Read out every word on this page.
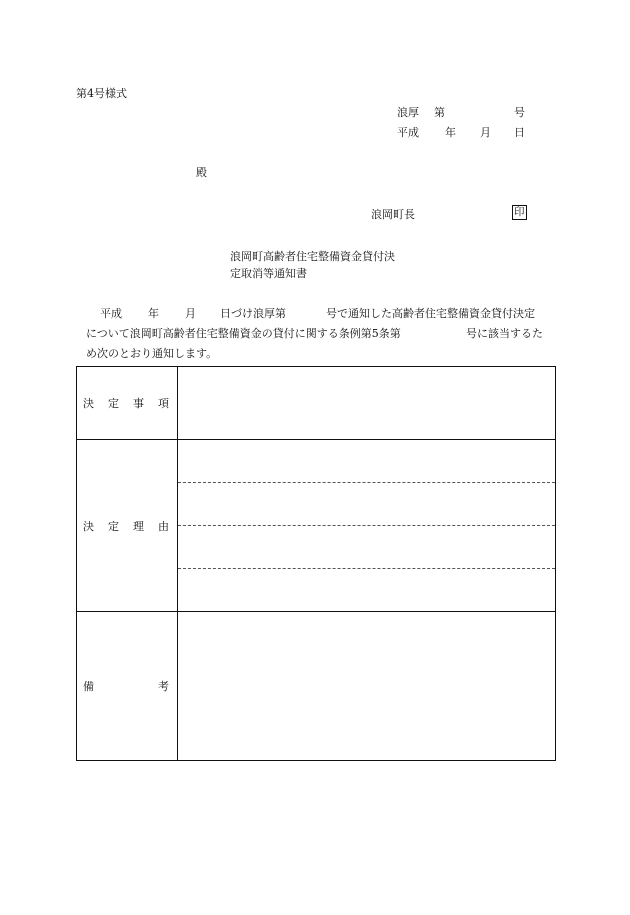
第4号様式
浪厚 第	号
平成 年 月 日
殿
浪岡町長	印
浪岡町高齢者住宅整備資金貸付決
定取消等通知書
平成 年 月 日づけ浪厚第	号で通知した高齢者住宅整備資金貸付決定
について浪岡町高齢者住宅整備資金の貸付に関する条例第5条第	号に該当するた
め次のとおり通知します。
決 定 事 項	

決 定 理 由	

備 考	
